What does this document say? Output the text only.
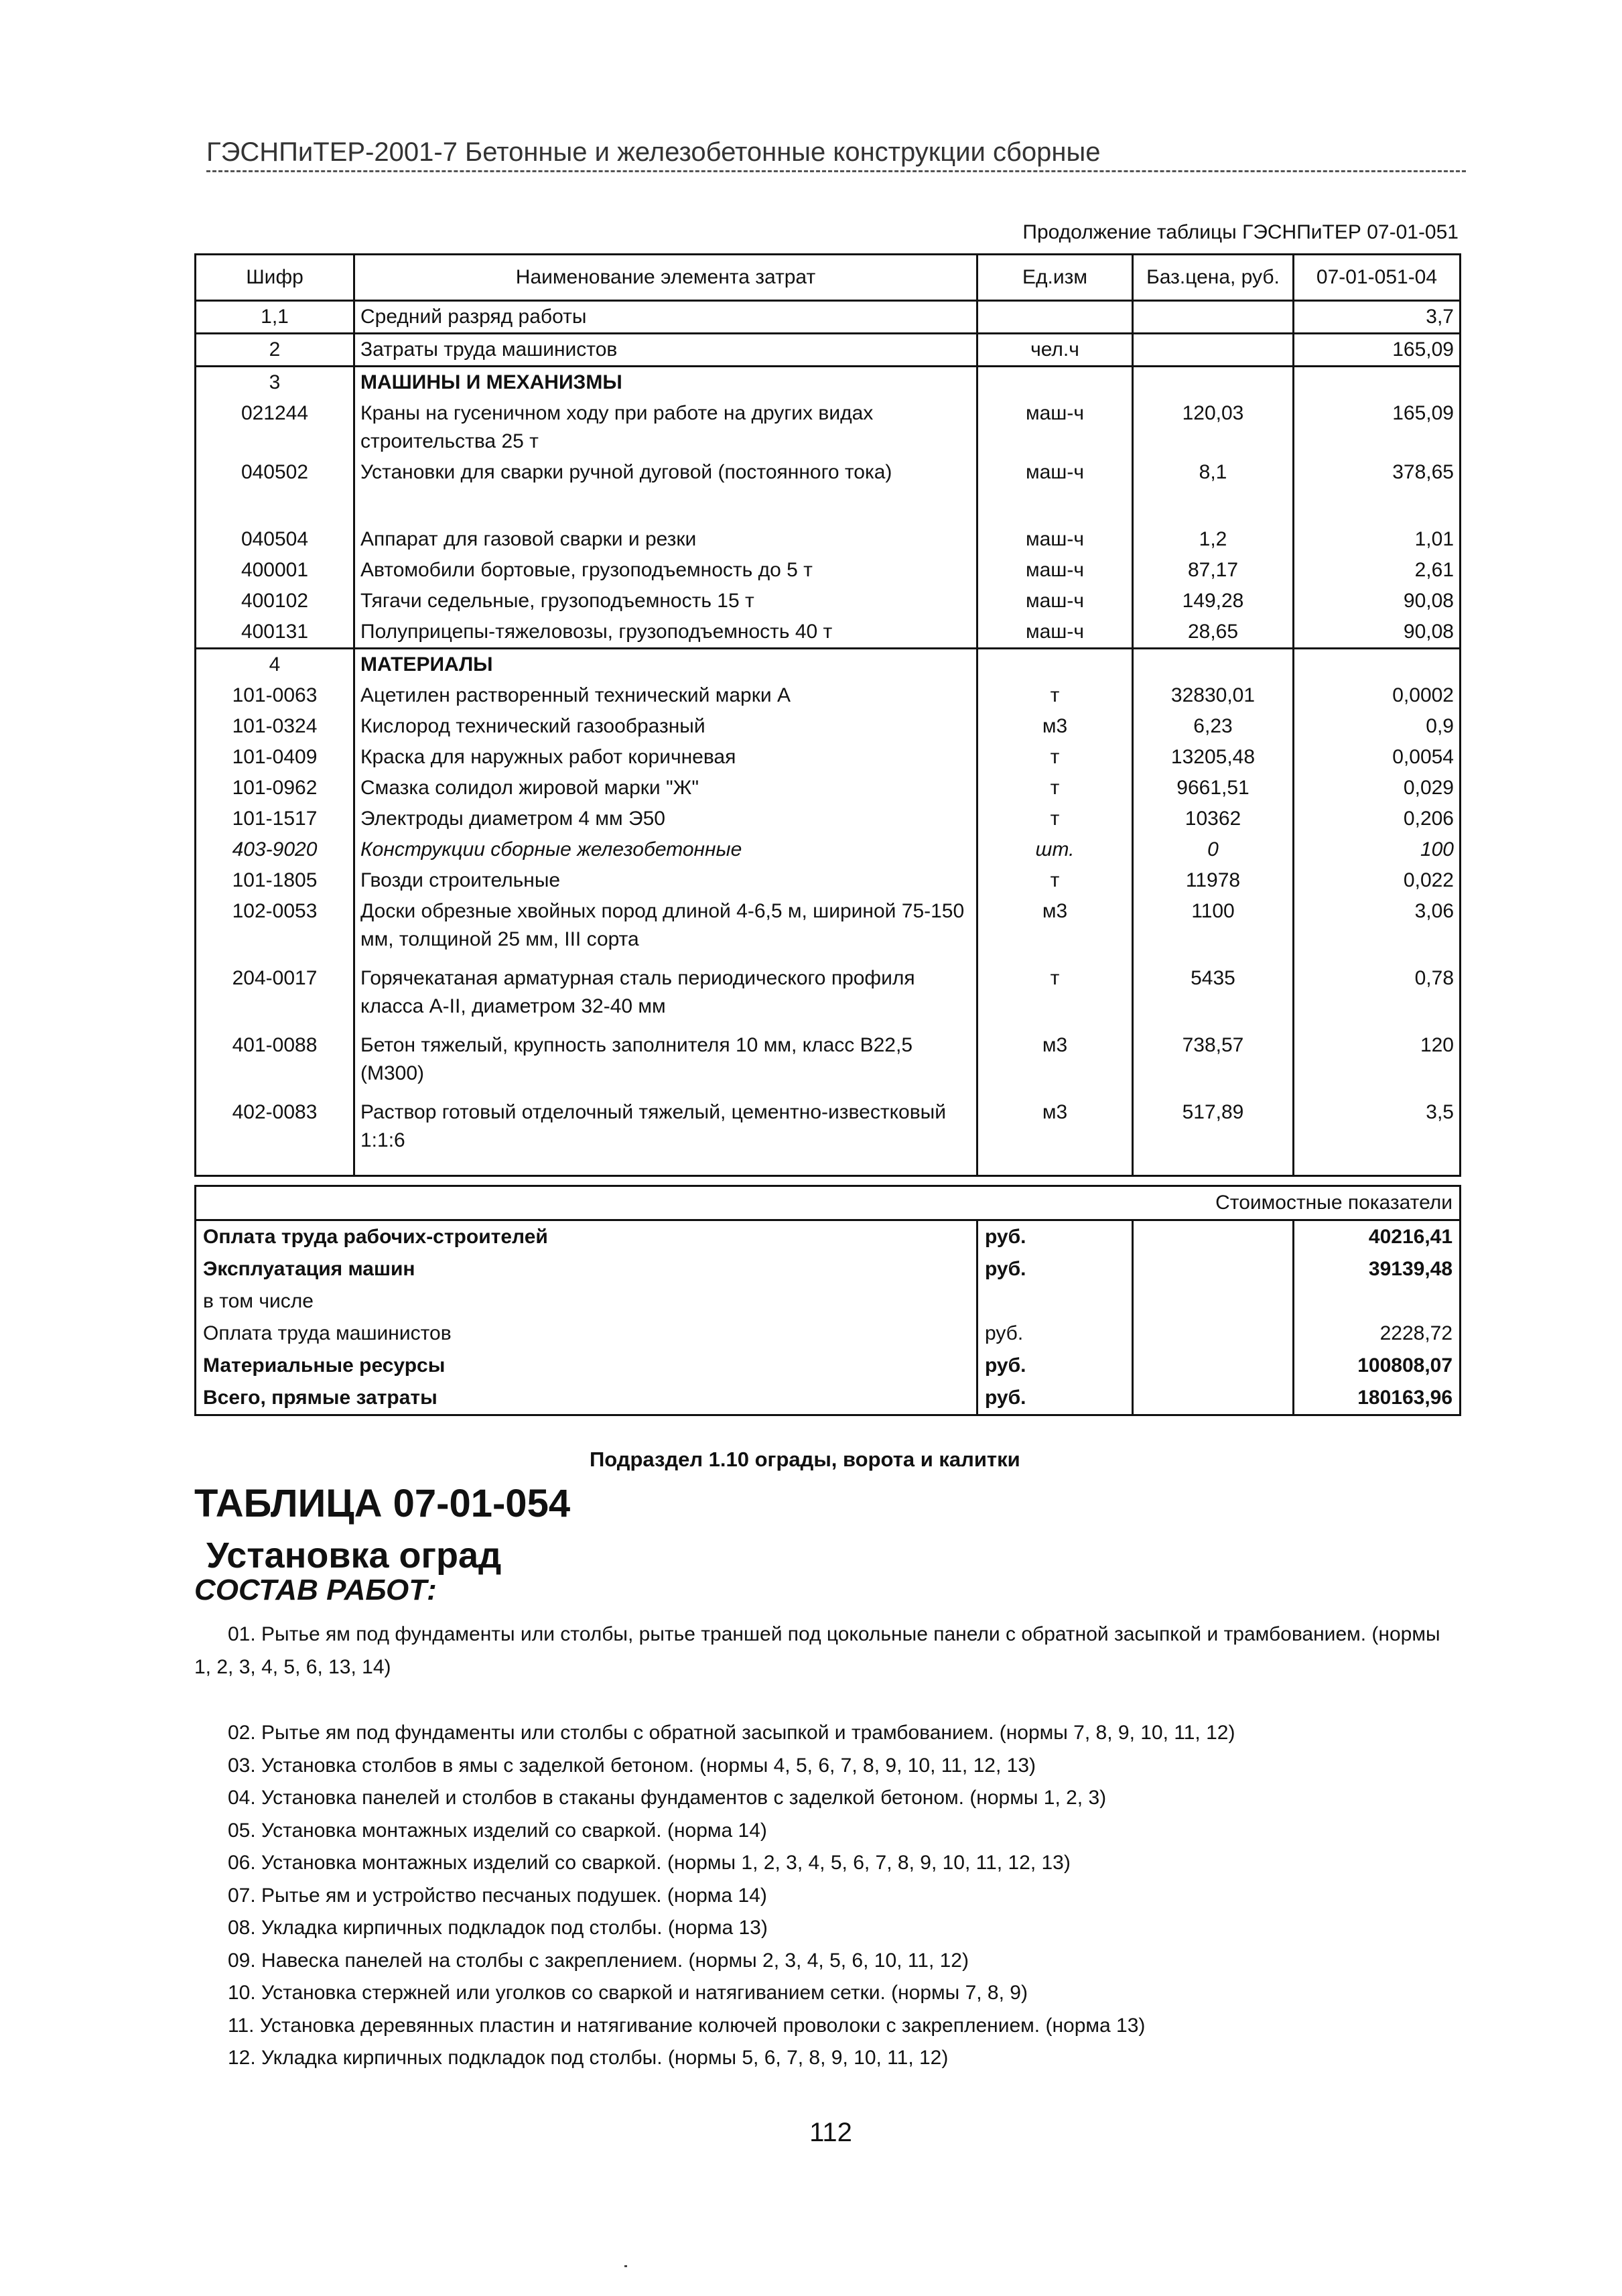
ГЭСНПиТЕР-2001-7 Бетонные и железобетонные конструкции сборные
Продолжение таблицы ГЭСНПиТЕР 07-01-051
Шифр	Наименование элемента затрат	Ед.изм	Баз.цена, руб.	07-01-051-04
1,1	Средний разряд работы			3,7
2	Затраты труда машинистов	чел.ч		165,09
3	МАШИНЫ И МЕХАНИЗМЫ			
021244	Краны на гусеничном ходу при работе на других видах строительства 25 т	маш-ч	120,03	165,09
040502	Установки для сварки ручной дуговой (постоянного тока)	маш-ч	8,1	378,65
040504	Аппарат для газовой сварки и резки	маш-ч	1,2	1,01
400001	Автомобили бортовые, грузоподъемность до 5 т	маш-ч	87,17	2,61
400102	Тягачи седельные, грузоподъемность 15 т	маш-ч	149,28	90,08
400131	Полуприцепы-тяжеловозы, грузоподъемность 40 т	маш-ч	28,65	90,08
4	МАТЕРИАЛЫ			
101-0063	Ацетилен растворенный технический марки А	т	32830,01	0,0002
101-0324	Кислород технический газообразный	м3	6,23	0,9
101-0409	Краска для наружных работ коричневая	т	13205,48	0,0054
101-0962	Смазка солидол жировой марки "Ж"	т	9661,51	0,029
101-1517	Электроды диаметром 4 мм Э50	т	10362	0,206
403-9020	Конструкции сборные железобетонные	шт.	0	100
101-1805	Гвозди строительные	т	11978	0,022
102-0053	Доски обрезные хвойных пород длиной 4-6,5 м, шириной 75-150 мм, толщиной 25 мм, III сорта	м3	1100	3,06
204-0017	Горячекатаная арматурная сталь периодического профиля класса А-II, диаметром 32-40 мм	т	5435	0,78
401-0088	Бетон тяжелый, крупность заполнителя 10 мм, класс В22,5 (М300)	м3	738,57	120
402-0083	Раствор готовый отделочный тяжелый, цементно-известковый 1:1:6	м3	517,89	3,5

Стоимостные показатели			
Оплата труда рабочих-строителей	руб.		40216,41
Эксплуатация машин	руб.		39139,48
в том числе			
Оплата труда машинистов	руб.		2228,72
Материальные ресурсы	руб.		100808,07
Всего, прямые затраты	руб.		180163,96
Подраздел 1.10 ограды, ворота и калитки
ТАБЛИЦА 07-01-054
Установка оград
СОСТАВ РАБОТ:
01. Рытье ям под фундаменты или столбы, рытье траншей под цокольные панели с обратной засыпкой и трамбованием. (нормы 1, 2, 3, 4, 5, 6, 13, 14)
02. Рытье ям под фундаменты или столбы с обратной засыпкой и трамбованием. (нормы 7, 8, 9, 10, 11, 12)
03. Установка столбов в ямы с заделкой бетоном. (нормы 4, 5, 6, 7, 8, 9, 10, 11, 12, 13)
04. Установка панелей и столбов в стаканы фундаментов с заделкой бетоном. (нормы 1, 2, 3)
05. Установка монтажных изделий со сваркой. (норма 14)
06. Установка монтажных изделий со сваркой. (нормы 1, 2, 3, 4, 5, 6, 7, 8, 9, 10, 11, 12, 13)
07. Рытье ям и устройство песчаных подушек. (норма 14)
08. Укладка кирпичных подкладок под столбы. (норма 13)
09. Навеска панелей на столбы с закреплением. (нормы 2, 3, 4, 5, 6, 10, 11, 12)
10. Установка стержней или уголков со сваркой и натягиванием сетки. (нормы 7, 8, 9)
11. Установка деревянных пластин и натягивание колючей проволоки с закреплением. (норма 13)
12. Укладка кирпичных подкладок под столбы. (нормы 5, 6, 7, 8, 9, 10, 11, 12)
112
